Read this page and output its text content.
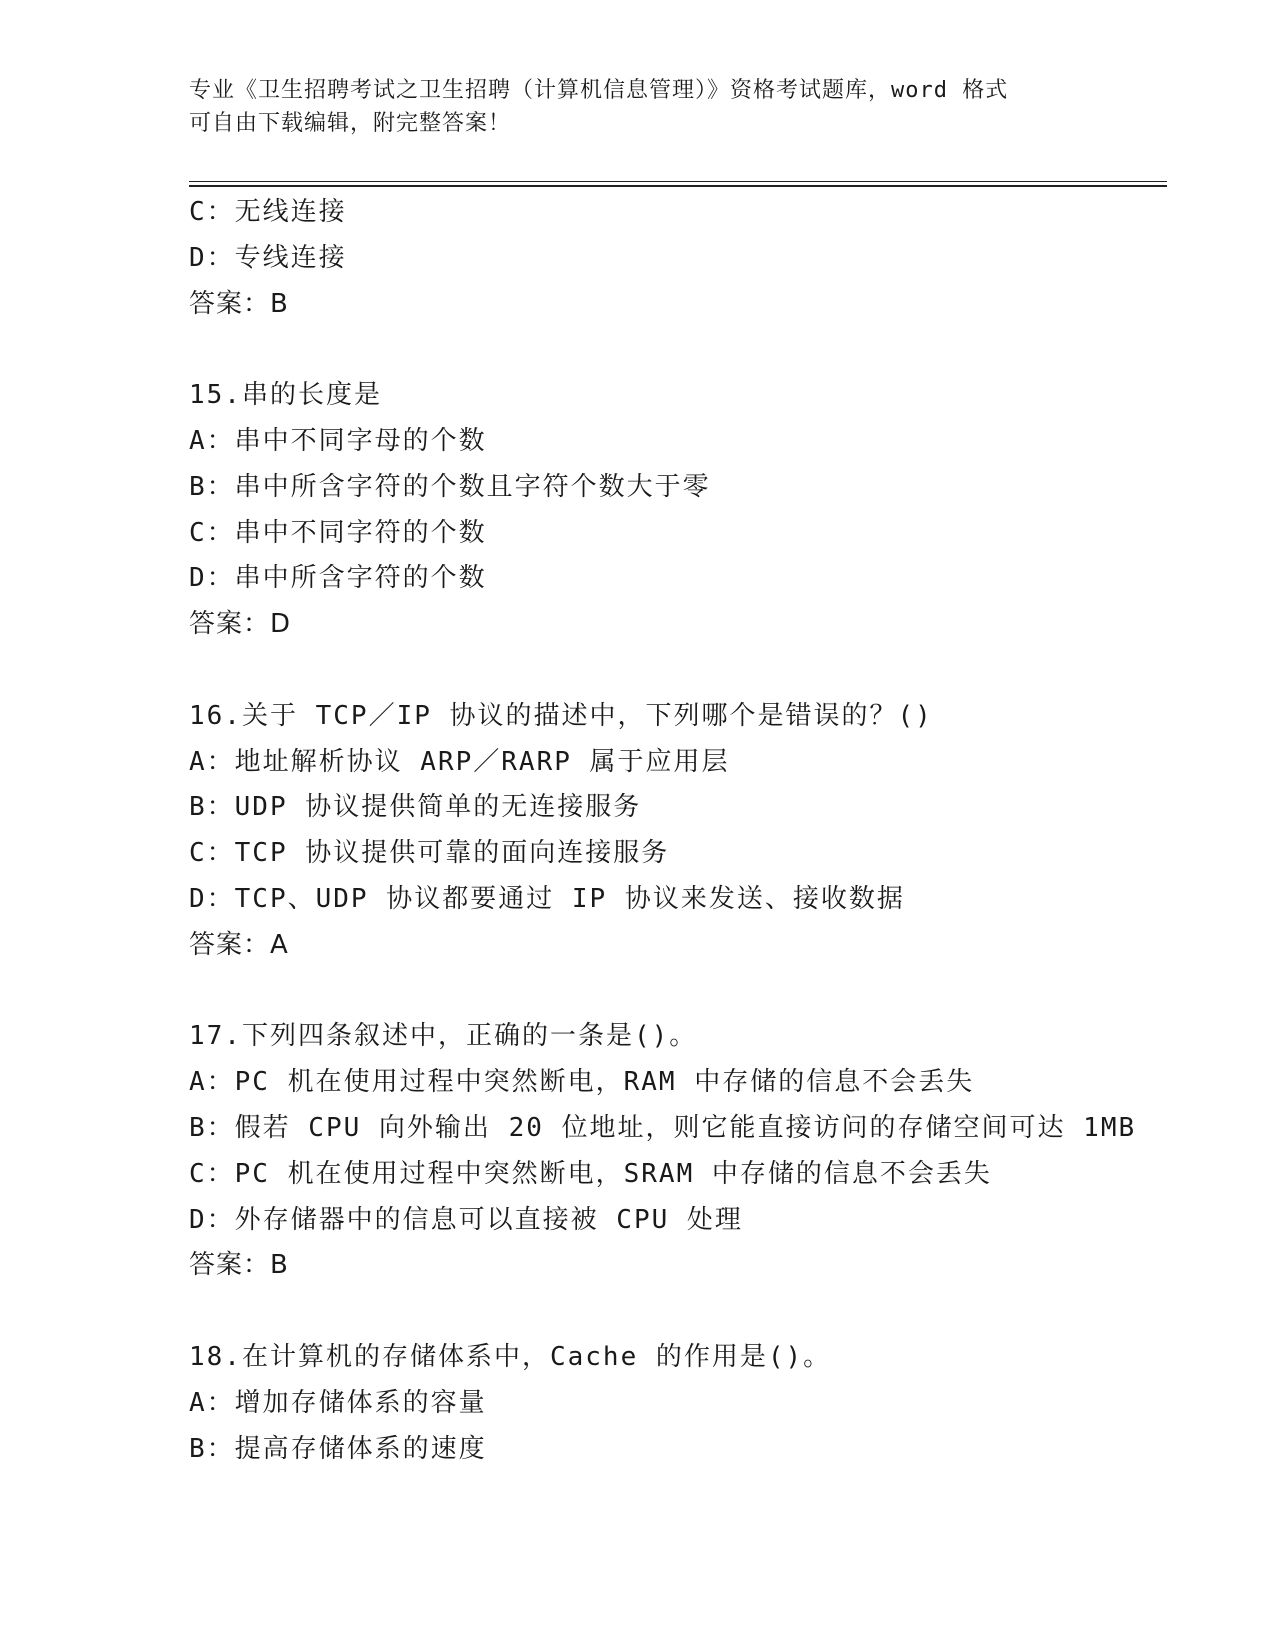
专业《卫生招聘考试之卫生招聘（计算机信息管理）》资格考试题库，word 格式
可自由下载编辑，附完整答案！
C：无线连接
D：专线连接
答案：B
15.串的长度是
A：串中不同字母的个数
B：串中所含字符的个数且字符个数大于零
C：串中不同字符的个数
D：串中所含字符的个数
答案：D
16.关于 TCP／IP 协议的描述中，下列哪个是错误的？()
A：地址解析协议 ARP／RARP 属于应用层
B：UDP 协议提供简单的无连接服务
C：TCP 协议提供可靠的面向连接服务
D：TCP、UDP 协议都要通过 IP 协议来发送、接收数据
答案：A
17.下列四条叙述中，正确的一条是()。
A：PC 机在使用过程中突然断电，RAM 中存储的信息不会丢失
B：假若 CPU 向外输出 20 位地址，则它能直接访问的存储空间可达 1MB
C：PC 机在使用过程中突然断电，SRAM 中存储的信息不会丢失
D：外存储器中的信息可以直接被 CPU 处理
答案：B
18.在计算机的存储体系中，Cache 的作用是()。
A：增加存储体系的容量
B：提高存储体系的速度
